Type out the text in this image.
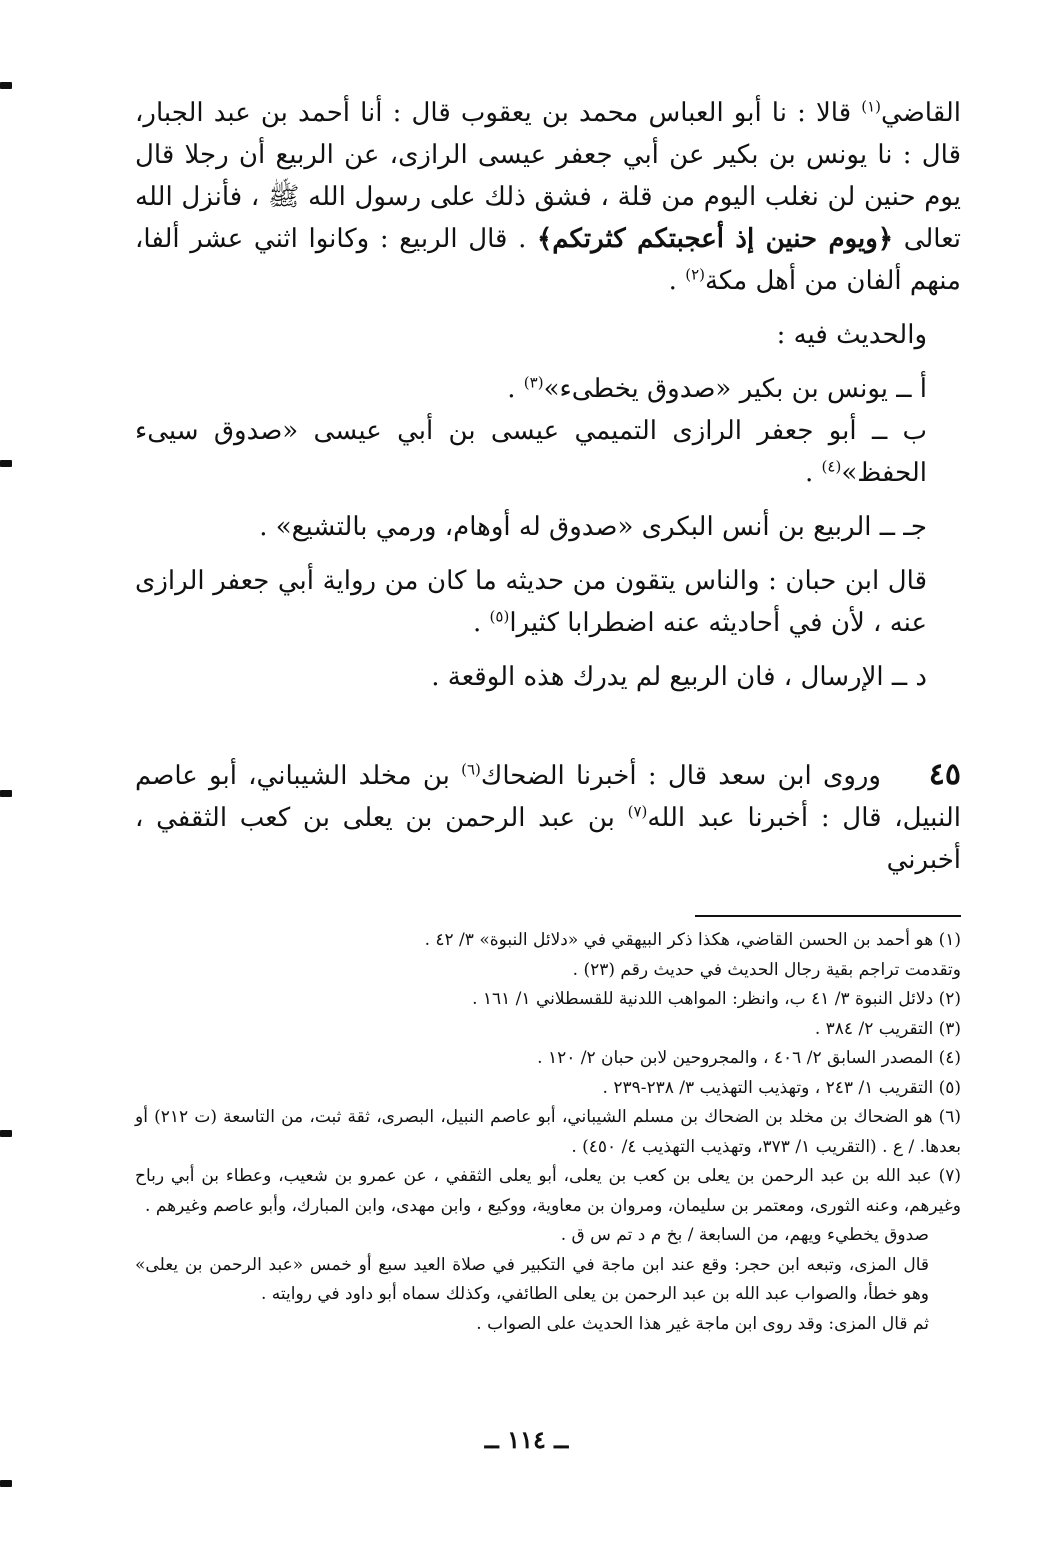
القاضي$^{(١)}$ قالا : نا أبو العباس محمد بن يعقوب قال : أنا أحمد بن عبد الجبار، قال : نا يونس بن بكير عن أبي جعفر عيسى الرازى، عن الربيع أن رجلا قال يوم حنين لن نغلب اليوم من قلة ، فشق ذلك على رسول الله ﷺ ، فأنزل الله تعالى ﴿ويوم حنين إذ أعجبتكم كثرتكم﴾ . قال الربيع : وكانوا اثني عشر ألفا، منهم ألفان من أهل مكة$^{(٢)}$ .

والحديث فيه :

أ ــ يونس بن بكير «صدوق يخطىء»$^{(٣)}$ .

ب ــ أبو جعفر الرازى التميمي عيسى بن أبي عيسى «صدوق سيىء الحفظ»$^{(٤)}$ .

جـ ــ الربيع بن أنس البكرى «صدوق له أوهام، ورمي بالتشيع» .

قال ابن حبان : والناس يتقون من حديثه ما كان من رواية أبي جعفر الرازى عنه ، لأن في أحاديثه عنه اضطرابا كثيرا$^{(٥)}$ .

د ــ الإرسال ، فان الربيع لم يدرك هذه الوقعة .

٤٥وروى ابن سعد قال : أخبرنا الضحاك$^{(٦)}$ بن مخلد الشيباني، أبو عاصم النبيل، قال : أخبرنا عبد الله$^{(٧)}$ بن عبد الرحمن بن يعلى بن كعب الثقفي ، أخبرني

(١) هو أحمد بن الحسن القاضي، هكذا ذكر البيهقي في «دلائل النبوة» ٣/ ٤٢ .

وتقدمت تراجم بقية رجال الحديث في حديث رقم (٢٣) .

(٢) دلائل النبوة ٣/ ٤١ ب، وانظر: المواهب اللدنية للقسطلاني ١/ ١٦١ .

(٣) التقريب ٢/ ٣٨٤ .

(٤) المصدر السابق ٢/ ٤٠٦ ، والمجروحين لابن حبان ٢/ ١٢٠ .

(٥) التقريب ١/ ٢٤٣ ، وتهذيب التهذيب ٣/ ٢٣٨-٢٣٩ .

(٦) هو الضحاك بن مخلد بن الضحاك بن مسلم الشيباني، أبو عاصم النبيل، البصرى، ثقة ثبت، من التاسعة (ت ٢١٢) أو بعدها. / ع . (التقريب ١/ ٣٧٣، وتهذيب التهذيب ٤/ ٤٥٠) .

(٧) عبد الله بن عبد الرحمن بن يعلى بن كعب بن يعلى، أبو يعلى الثقفي ، عن عمرو بن شعيب، وعطاء بن أبي رباح وغيرهم، وعنه الثورى، ومعتمر بن سليمان، ومروان بن معاوية، ووكيع ، وابن مهدى، وابن المبارك، وأبو عاصم وغيرهم .

صدوق يخطيء ويهم، من السابعة / بخ م د تم س ق .

قال المزى، وتبعه ابن حجر: وقع عند ابن ماجة في التكبير في صلاة العيد سبع أو خمس «عبد الرحمن بن يعلى» وهو خطأ، والصواب عبد الله بن عبد الرحمن بن يعلى الطائفي، وكذلك سماه أبو داود في روايته .

ثم قال المزى: وقد روى ابن ماجة غير هذا الحديث على الصواب .

ــ ١١٤ ــ
